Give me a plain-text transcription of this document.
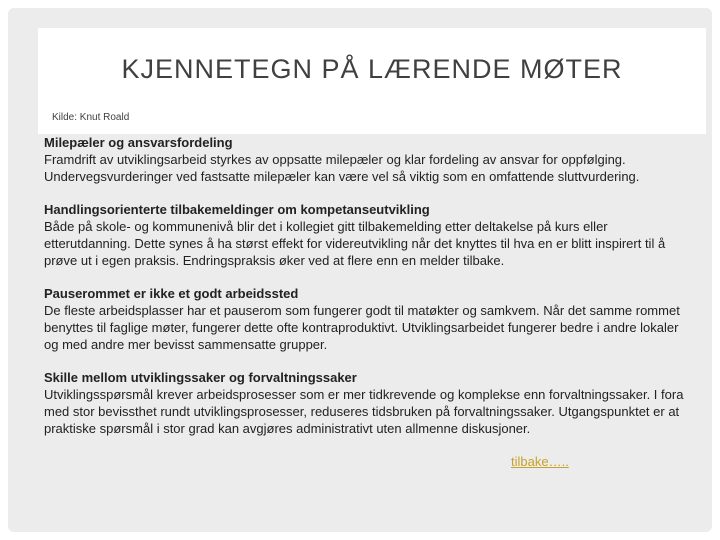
KJENNETEGN PÅ LÆRENDE MØTER
Kilde: Knut Roald
Milepæler og ansvarsfordeling
Framdrift av utviklingsarbeid styrkes av oppsatte milepæler og klar fordeling av ansvar for oppfølging. Undervegsvurderinger ved fastsatte milepæler kan være vel så viktig som en omfattende sluttvurdering.
Handlingsorienterte tilbakemeldinger om kompetanseutvikling
Både på skole- og kommunenivå blir det i kollegiet gitt tilbakemelding etter deltakelse på kurs eller etterutdanning. Dette synes å ha størst effekt for videreutvikling når det knyttes til hva en er blitt inspirert til å prøve ut i egen praksis. Endringspraksis øker ved at flere enn en melder tilbake.
Pauserommet er ikke et godt arbeidssted
De fleste arbeidsplasser har et pauserom som fungerer godt til matøkter og samkvem. Når det samme rommet benyttes til faglige møter, fungerer dette ofte kontraproduktivt. Utviklingsarbeidet fungerer bedre i andre lokaler og med andre mer bevisst sammensatte grupper.
Skille mellom utviklingssaker og forvaltningssaker
Utviklingsspørsmål krever arbeidsprosesser som er mer tidkrevende og komplekse enn forvaltningssaker. I fora med stor bevissthet rundt utviklingsprosesser, reduseres tidsbruken på forvaltningssaker. Utgangspunktet er at praktiske spørsmål i stor grad kan avgjøres administrativt uten allmenne diskusjoner.
tilbake…..
